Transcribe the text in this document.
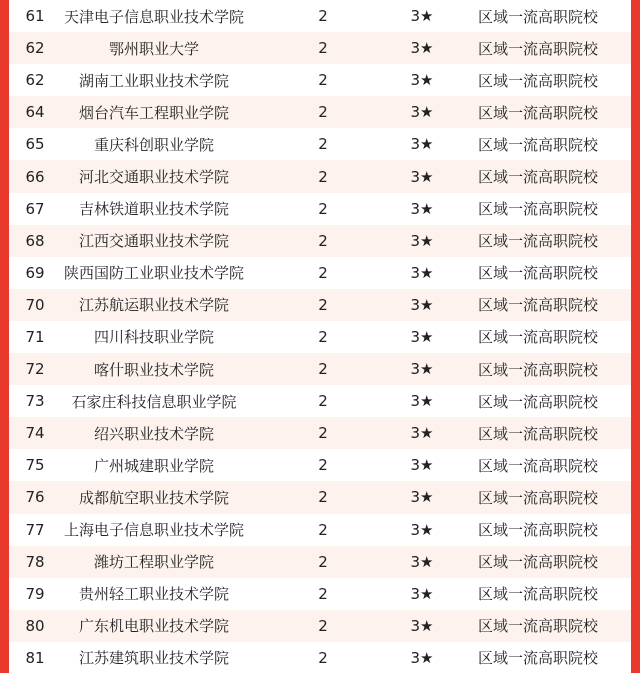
61	天津电子信息职业技术学院	2	3★	区域一流高职院校
62	鄂州职业大学	2	3★	区域一流高职院校
62	湖南工业职业技术学院	2	3★	区域一流高职院校
64	烟台汽车工程职业学院	2	3★	区域一流高职院校
65	重庆科创职业学院	2	3★	区域一流高职院校
66	河北交通职业技术学院	2	3★	区域一流高职院校
67	吉林铁道职业技术学院	2	3★	区域一流高职院校
68	江西交通职业技术学院	2	3★	区域一流高职院校
69	陕西国防工业职业技术学院	2	3★	区域一流高职院校
70	江苏航运职业技术学院	2	3★	区域一流高职院校
71	四川科技职业学院	2	3★	区域一流高职院校
72	喀什职业技术学院	2	3★	区域一流高职院校
73	石家庄科技信息职业学院	2	3★	区域一流高职院校
74	绍兴职业技术学院	2	3★	区域一流高职院校
75	广州城建职业学院	2	3★	区域一流高职院校
76	成都航空职业技术学院	2	3★	区域一流高职院校
77	上海电子信息职业技术学院	2	3★	区域一流高职院校
78	潍坊工程职业学院	2	3★	区域一流高职院校
79	贵州轻工职业技术学院	2	3★	区域一流高职院校
80	广东机电职业技术学院	2	3★	区域一流高职院校
81	江苏建筑职业技术学院	2	3★	区域一流高职院校
